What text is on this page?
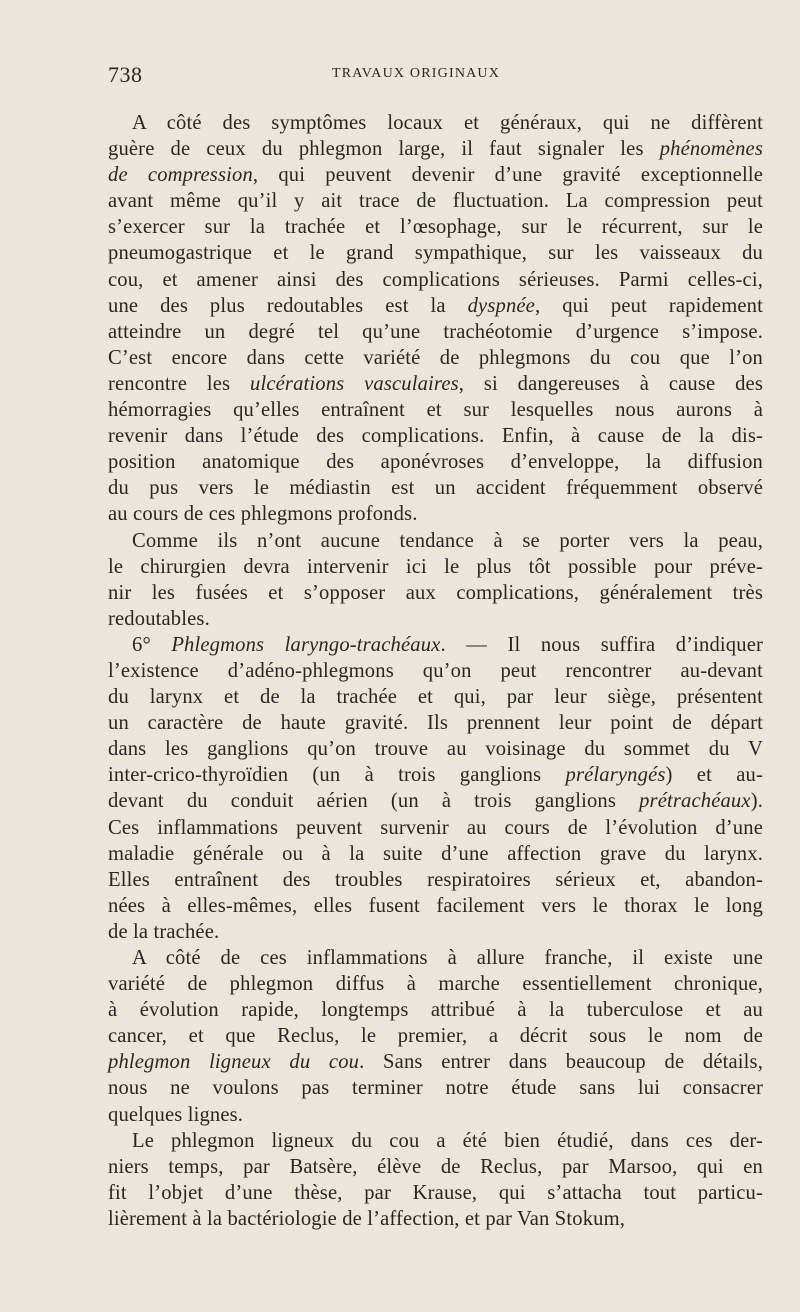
738	TRAVAUX ORIGINAUX

A côté des symptômes locaux et généraux, qui ne diffèrent
guère de ceux du phlegmon large, il faut signaler les phénomènes
de compression, qui peuvent devenir d’une gravité exceptionnelle
avant même qu’il y ait trace de fluctuation. La compression peut
s’exercer sur la trachée et l’œsophage, sur le récurrent, sur le
pneumogastrique et le grand sympathique, sur les vaisseaux du
cou, et amener ainsi des complications sérieuses. Parmi celles-ci,
une des plus redoutables est la dyspnée, qui peut rapidement
atteindre un degré tel qu’une trachéotomie d’urgence s’impose.
C’est encore dans cette variété de phlegmons du cou que l’on
rencontre les ulcérations vasculaires, si dangereuses à cause des
hémorragies qu’elles entraînent et sur lesquelles nous aurons à
revenir dans l’étude des complications. Enfin, à cause de la dis-
position anatomique des aponévroses d’enveloppe, la diffusion
du pus vers le médiastin est un accident fréquemment observé
au cours de ces phlegmons profonds.

Comme ils n’ont aucune tendance à se porter vers la peau,
le chirurgien devra intervenir ici le plus tôt possible pour préve-
nir les fusées et s’opposer aux complications, généralement très
redoutables.

6° Phlegmons laryngo-trachéaux. — Il nous suffira d’indiquer
l’existence d’adéno-phlegmons qu’on peut rencontrer au-devant
du larynx et de la trachée et qui, par leur siège, présentent
un caractère de haute gravité. Ils prennent leur point de départ
dans les ganglions qu’on trouve au voisinage du sommet du V
inter-crico-thyroïdien (un à trois ganglions prélaryngés) et au-
devant du conduit aérien (un à trois ganglions prétrachéaux).
Ces inflammations peuvent survenir au cours de l’évolution d’une
maladie générale ou à la suite d’une affection grave du larynx.
Elles entraînent des troubles respiratoires sérieux et, abandon-
nées à elles-mêmes, elles fusent facilement vers le thorax le long
de la trachée.

A côté de ces inflammations à allure franche, il existe une
variété de phlegmon diffus à marche essentiellement chronique,
à évolution rapide, longtemps attribué à la tuberculose et au
cancer, et que Reclus, le premier, a décrit sous le nom de
phlegmon ligneux du cou. Sans entrer dans beaucoup de détails,
nous ne voulons pas terminer notre étude sans lui consacrer
quelques lignes.

Le phlegmon ligneux du cou a été bien étudié, dans ces der-
niers temps, par Batsère, élève de Reclus, par Marsoo, qui en
fit l’objet d’une thèse, par Krause, qui s’attacha tout particu-
lièrement à la bactériologie de l’affection, et par Van Stokum,
